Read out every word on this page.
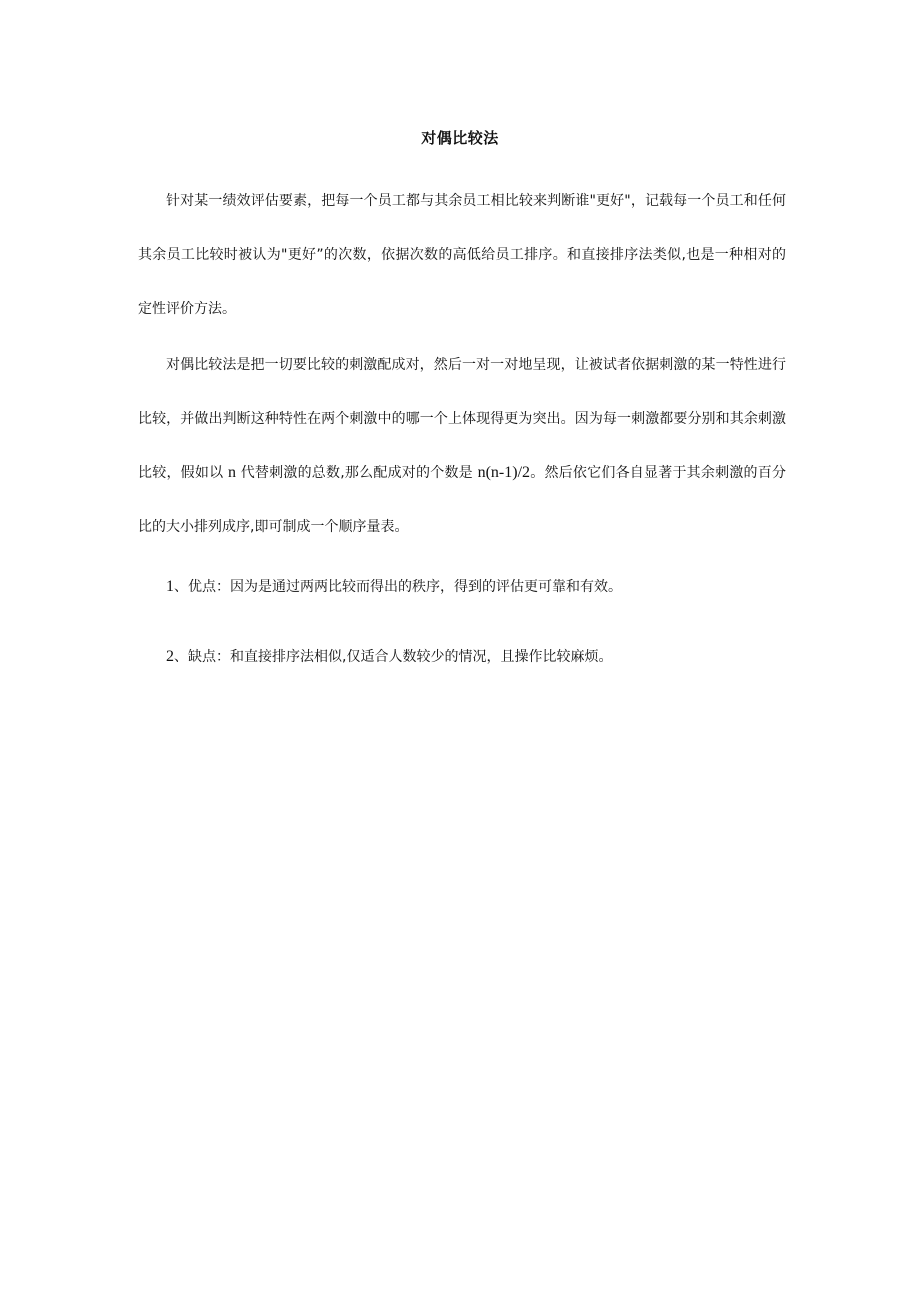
对偶比较法
针对某一绩效评估要素，把每一个员工都与其余员工相比较来判断谁"更好"，记载每一个员工和任何其余员工比较时被认为"更好”的次数，依据次数的高低给员工排序。和直接排序法类似,也是一种相对的定性评价方法。
对偶比较法是把一切要比较的刺激配成对，然后一对一对地呈现，让被试者依据刺激的某一特性进行比较，并做出判断这种特性在两个刺激中的哪一个上体现得更为突出。因为每一刺激都要分别和其余刺激比较，假如以 n 代替刺激的总数,那么配成对的个数是 n(n-1)/2。然后依它们各自显著于其余刺激的百分比的大小排列成序,即可制成一个顺序量表。
1、优点：因为是通过两两比较而得出的秩序，得到的评估更可靠和有效。
2、缺点：和直接排序法相似,仅适合人数较少的情况，且操作比较麻烦。
